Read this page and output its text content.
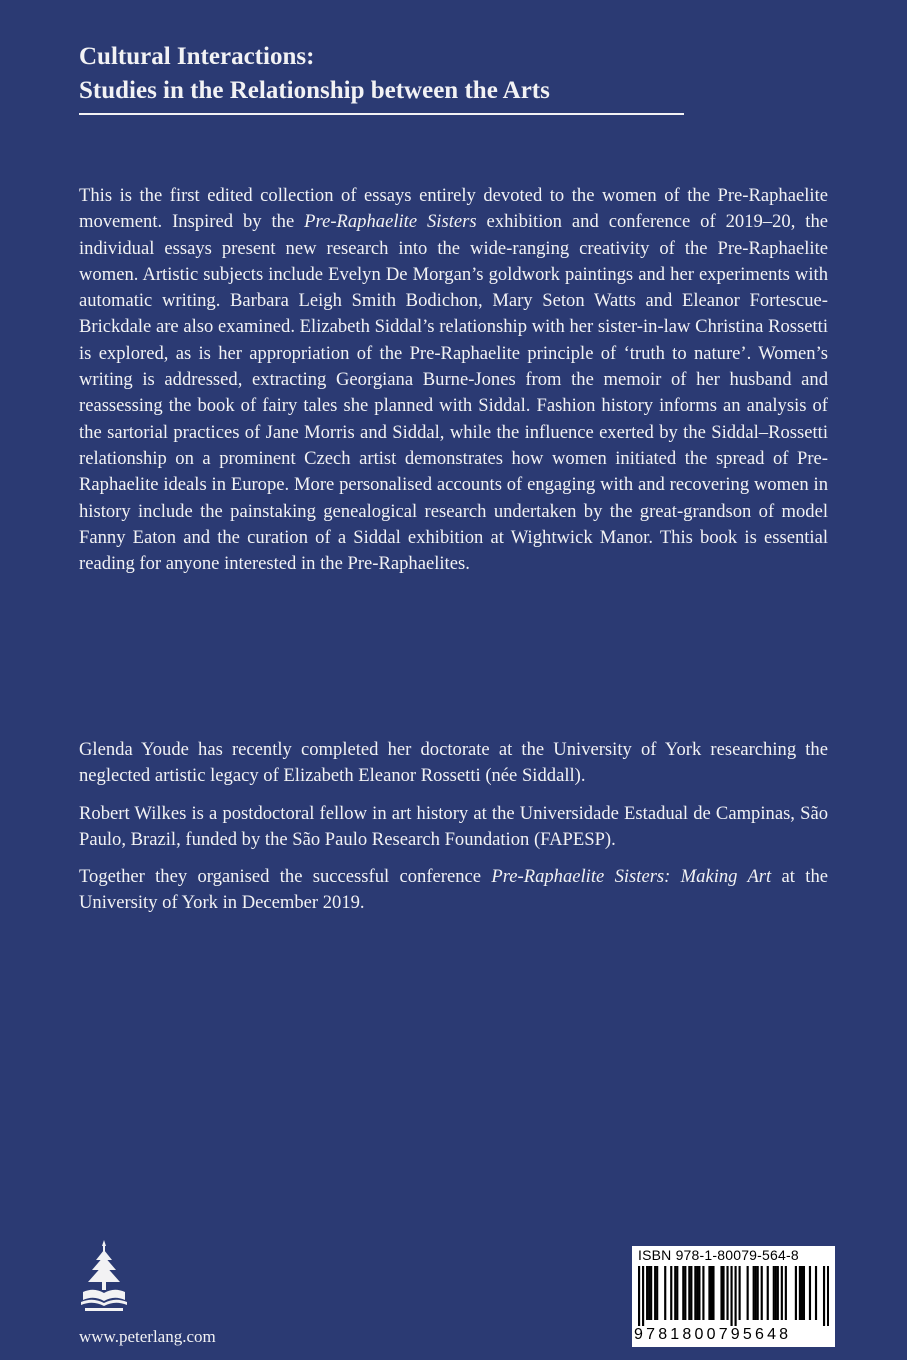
Cultural Interactions:
Studies in the Relationship between the Arts

This is the first edited collection of essays entirely devoted to the women of the Pre-Raphaelite movement. Inspired by the Pre-Raphaelite Sisters exhibition and conference of 2019–20, the individual essays present new research into the wide-ranging creativity of the Pre-Raphaelite women. Artistic subjects include Evelyn De Morgan’s goldwork paintings and her experiments with automatic writing. Barbara Leigh Smith Bodichon, Mary Seton Watts and Eleanor Fortescue-Brickdale are also examined. Elizabeth Siddal’s relationship with her sister-in-law Christina Rossetti is explored, as is her appropriation of the Pre-Raphaelite principle of ‘truth to nature’. Women’s writing is addressed, extracting Georgiana Burne-Jones from the memoir of her husband and reassessing the book of fairy tales she planned with Siddal. Fashion history informs an analysis of the sartorial practices of Jane Morris and Siddal, while the influence exerted by the Siddal–Rossetti relationship on a prominent Czech artist demonstrates how women initiated the spread of Pre-Raphaelite ideals in Europe. More personalised accounts of engaging with and recovering women in history include the painstaking genealogical research undertaken by the great-grandson of model Fanny Eaton and the curation of a Siddal exhibition at Wightwick Manor. This book is essential reading for anyone interested in the Pre-Raphaelites.

Glenda Youde has recently completed her doctorate at the University of York researching the neglected artistic legacy of Elizabeth Eleanor Rossetti (née Siddall).

Robert Wilkes is a postdoctoral fellow in art history at the Universidade Estadual de Campinas, São Paulo, Brazil, funded by the São Paulo Research Foundation (FAPESP).

Together they organised the successful conference Pre-Raphaelite Sisters: Making Art at the University of York in December 2019.

www.peterlang.com
ISBN 978-1-80079-564-8
9781800795648
